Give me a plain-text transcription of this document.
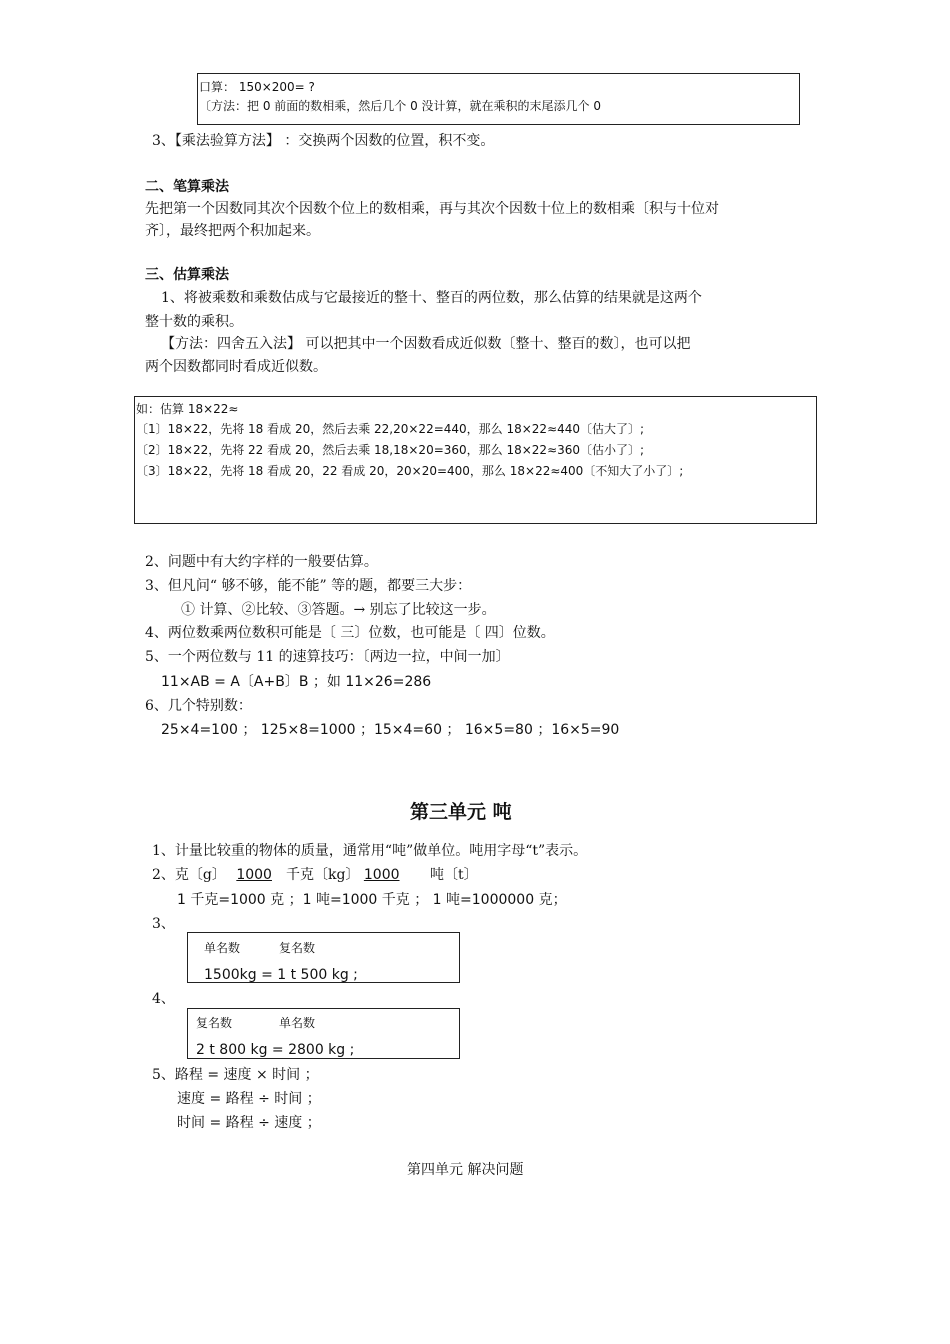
口算： 150×200= ?
〔方法：把 0 前面的数相乘，然后几个 0 没计算，就在乘积的末尾添几个 0
3、【乘法验算方法】 ：交换两个因数的位置，积不变。
二、笔算乘法
先把第一个因数同其次个因数个位上的数相乘，再与其次个因数十位上的数相乘〔积与十位对
齐〕，最终把两个积加起来。
三、估算乘法
1、将被乘数和乘数估成与它最接近的整十、整百的两位数，那么估算的结果就是这两个
整十数的乘积。
【方法：四舍五入法】 可以把其中一个因数看成近似数〔整十、整百的数〕，也可以把
两个因数都同时看成近似数。
如：估算 18×22≈
〔1〕18×22，先将 18 看成 20，然后去乘 22,20×22=440，那么 18×22≈440〔估大了〕;
〔2〕18×22，先将 22 看成 20，然后去乘 18,18×20=360，那么 18×22≈360〔估小了〕;
〔3〕18×22，先将 18 看成 20，22 看成 20，20×20=400，那么 18×22≈400〔不知大了小了〕;
2、问题中有大约字样的一般要估算。
3、但凡问“ 够不够，能不能” 等的题，都要三大步：
① 计算、②比较、③答题。→ 别忘了比较这一步。
4、两位数乘两位数积可能是〔 三〕位数，也可能是〔 四〕位数。
5、一个两位数与 11 的速算技巧：〔两边一拉，中间一加〕
11×AB = A〔A+B〕B ；如 11×26=286
6、几个特别数：
25×4=100 ； 125×8=1000 ；15×4=60 ； 16×5=80 ；16×5=90
第三单元 吨
1、计量比较重的物体的质量，通常用“吨”做单位。吨用字母“t”表示。
2、克〔g〕 1000 千克〔kg〕 1000 吨〔t〕
1 千克=1000 克 ；1 吨=1000 千克 ； 1 吨=1000000 克；
3、
单名数	复名数
1500kg = 1 t 500 kg ;
4、
复名数	单名数
2 t 800 kg = 2800 kg ;
5、路程 = 速度 × 时间 ；
速度 = 路程 ÷ 时间 ；
时间 = 路程 ÷ 速度 ；
第四单元 解决问题
